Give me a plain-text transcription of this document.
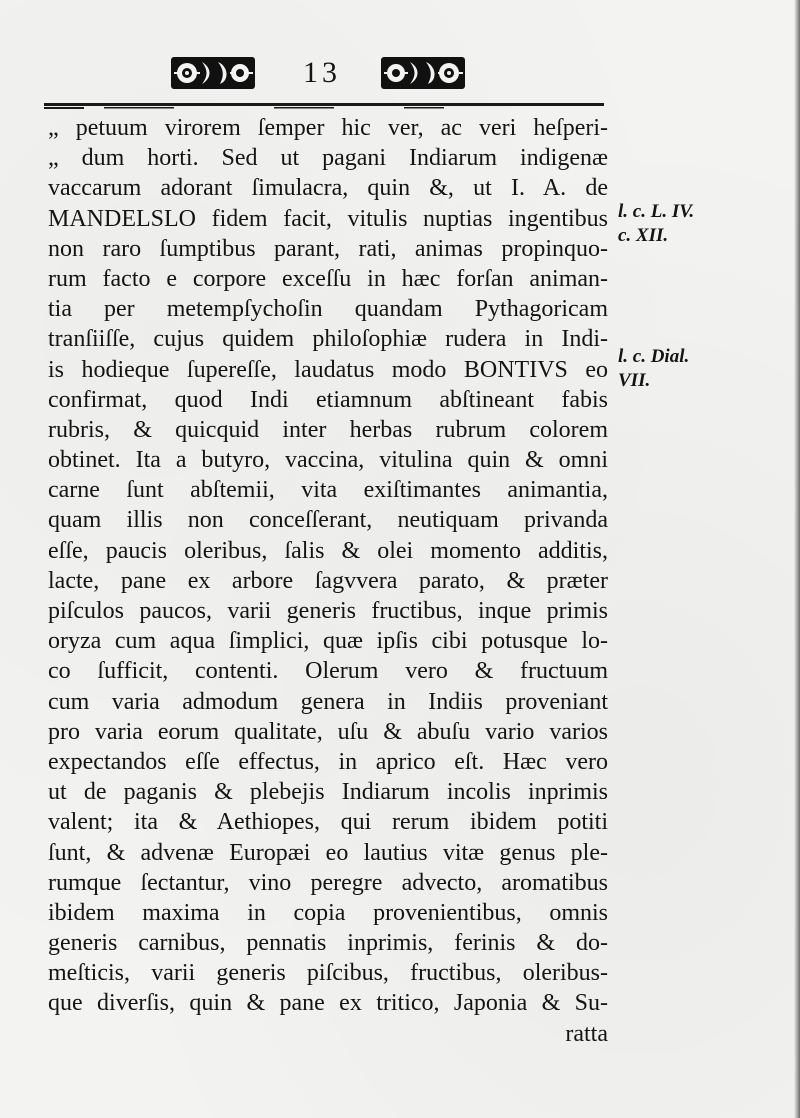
13
„ petuum virorem ſemper hic ver, ac veri heſperi-
„ dum horti. Sed ut pagani Indiarum indigenæ
vaccarum adorant ſimulacra, quin &, ut I. A. de
MANDELSLO fidem facit, vitulis nuptias ingentibus
non raro ſumptibus parant, rati, animas propinquo-
rum facto e corpore exceſſu in hæc forſan animan-
tia per metempſychoſin quandam Pythagoricam
tranſiiſſe, cujus quidem philoſophiæ rudera in Indi-
is hodieque ſupereſſe, laudatus modo BONTIVS eo
confirmat, quod Indi etiamnum abſtineant fabis
rubris, & quicquid inter herbas rubrum colorem
obtinet. Ita a butyro, vaccina, vitulina quin & omni
carne ſunt abſtemii, vita exiſtimantes animantia,
quam illis non conceſſerant, neutiquam privanda
eſſe, paucis oleribus, ſalis & olei momento additis,
lacte, pane ex arbore ſagvvera parato, & præter
piſculos paucos, varii generis fructibus, inque primis
oryza cum aqua ſimplici, quæ ipſis cibi potusque lo-
co ſufficit, contenti. Olerum vero & fructuum
cum varia admodum genera in Indiis proveniant
pro varia eorum qualitate, uſu & abuſu vario varios
expectandos eſſe effectus, in aprico eſt. Hæc vero
ut de paganis & plebejis Indiarum incolis inprimis
valent; ita & Aethiopes, qui rerum ibidem potiti
ſunt, & advenæ Europæi eo lautius vitæ genus ple-
rumque ſectantur, vino peregre advecto, aromatibus
ibidem maxima in copia provenientibus, omnis
generis carnibus, pennatis inprimis, ferinis & do-
meſticis, varii generis piſcibus, fructibus, oleribus-
que diverſis, quin & pane ex tritico, Japonia & Su-
ratta
l. c. L. IV.
c. XII.
l. c. Dial.
VII.
